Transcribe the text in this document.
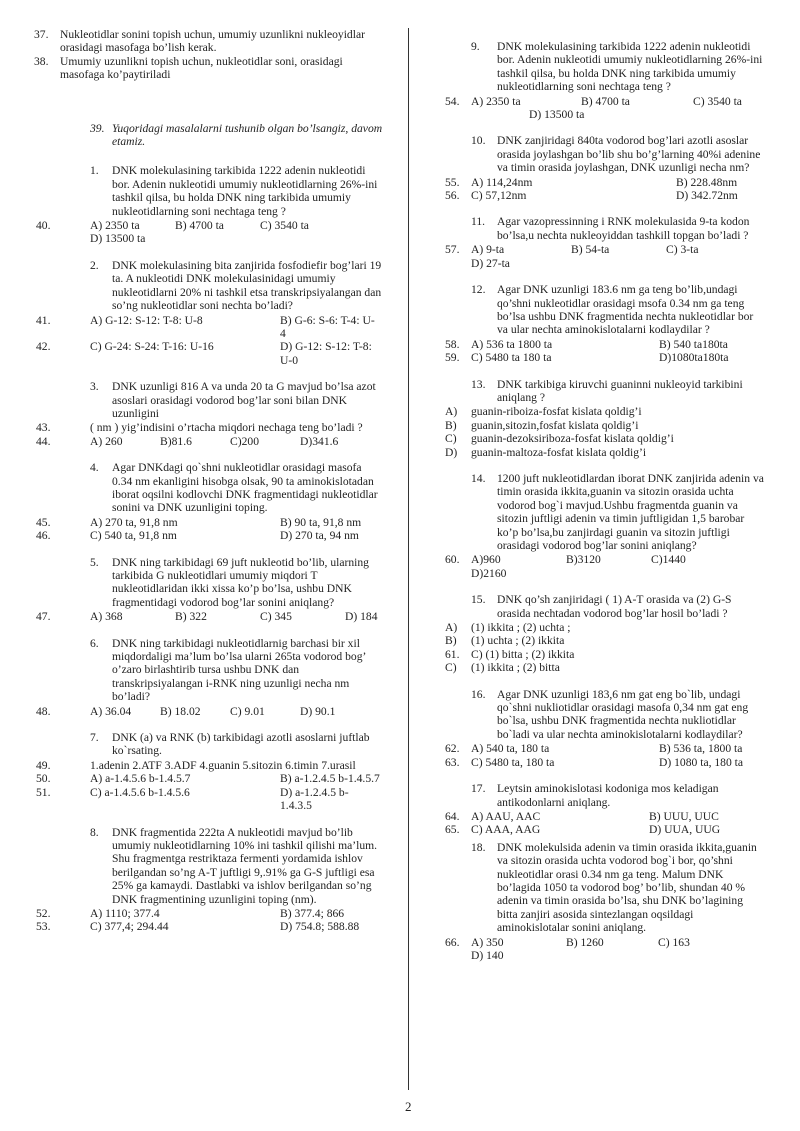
37. Nukleotidlar sonini topish uchun, umumiy uzunlikni nukleoyidlar orasidagi masofaga bo’lish kerak.
38. Umumiy uzunlikni topish uchun, nukleotidlar soni, orasidagi masofaga ko’paytiriladi
39. Yuqoridagi masalalarni tushunib olgan bo’lsangiz, davom etamiz.
1.	DNK molekulasining tarkibida 1222 adenin nukleotidi bor. Adenin nukleotidi umumiy nukleotidlarning 26%-ini tashkil qilsa, bu holda DNK ning tarkibida umumiy nukleotidlarning soni nechtaga teng ?
40.	A) 2350 ta	B) 4700 ta	C) 3540 ta
D) 13500 ta
2.	DNK molekulasining bita zanjirida fosfodiefir bog’lari 19 ta. A nukleotidi DNK molekulasinidagi umumiy nukleotidlarni 20% ni tashkil etsa transkripsiyalangan dan so’ng nukleotidlar soni nechta bo’ladi?
41.	A) G-12: S-12: T-8: U-8	B) G-6: S-6: T-4: U-4
42.	C) G-24: S-24: T-16: U-16	D) G-12: S-12: T-8: U-0
3.	DNK uzunligi 816 A va unda 20 ta G mavjud bo’lsa azot asoslari orasidagi vodorod bog’lar soni bilan DNK uzunligini
43.	( nm ) yig’indisini o’rtacha miqdori nechaga teng bo’ladi ?
44.	A) 260	B)81.6	C)200	D)341.6
4.	Agar DNKdagi qo`shni nukleotidlar orasidagi masofa 0.34 nm ekanligini hisobga olsak, 90 ta aminokislotadan iborat oqsilni kodlovchi DNK fragmentidagi nukleotidlar sonini va DNK uzunligini toping.
45.	A) 270 ta, 91,8 nm	B) 90 ta, 91,8 nm
46.	C) 540 ta, 91,8 nm	D) 270 ta, 94 nm
5.	DNK ning tarkibidagi 69 juft nukleotid bo’lib, ularning tarkibida G nukleotidlari umumiy miqdori T nukleotidlaridan ikki xissa ko’p bo’lsa, ushbu DNK fragmentidagi vodorod bog’lar sonini aniqlang?
47.	A) 368	B) 322	C) 345	D) 184
6.	DNK ning tarkibidagi nukleotidlarnig barchasi bir xil miqdordaligi ma’lum bo’lsa ularni 265ta vodorod bog’ o’zaro birlashtirib tursa ushbu DNK dan transkripsiyalangan i-RNK ning uzunligi necha nm bo’ladi?
48.	A) 36.04	B) 18.02	C) 9.01	D) 90.1
7.	DNK (a) va RNK (b) tarkibidagi azotli asoslarni juftlab ko`rsating.
49.	1.adenin 2.ATF 3.ADF 4.guanin 5.sitozin 6.timin 7.urasil
50.	A) a-1.4.5.6 b-1.4.5.7	B) a-1.2.4.5 b-1.4.5.7
51.	C) a-1.4.5.6 b-1.4.5.6	D) a-1.2.4.5 b-1.4.3.5
8.	DNK fragmentida 222ta A nukleotidi mavjud bo’lib umumiy nukleotidlarning 10% ini tashkil qilishi ma’lum. Shu fragmentga restriktaza fermenti yordamida ishlov berilgandan so’ng A-T juftligi 9,.91% ga G-S juftligi esa 25% ga kamaydi. Dastlabki va ishlov berilgandan so’ng DNK fragmentining uzunligini toping (nm).
52.	A) 1110; 377.4	B) 377.4; 866
53.	C) 377,4; 294.44	D) 754.8; 588.88
9.	DNK molekulasining tarkibida 1222 adenin nukleotidi bor. Adenin nukleotidi umumiy nukleotidlarning 26%-ini tashkil qilsa, bu holda DNK ning tarkibida umumiy nukleotidlarning soni nechtaga teng ?
54. A) 2350 ta	B) 4700 ta	C) 3540 ta
D) 13500 ta
10. DNK zanjiridagi 840ta vodorod bog’lari azotli asoslar orasida joylashgan bo’lib shu bo’g’larning 40%i adenine va timin orasida joylashgan, DNK uzunligi necha nm?
55. A) 114,24nm	B) 228.48nm
56. C) 57,12nm	D) 342.72nm
11.	Agar vazopressinning i RNK molekulasida 9-ta kodon bo’lsa,u nechta nukleoyiddan tashkill topgan bo’ladi ?
57. A) 9-ta	B) 54-ta	C) 3-ta
D) 27-ta
12. Agar DNK uzunligi 183.6 nm ga teng bo’lib,undagi qo’shni nukleotidlar orasidagi msofa 0.34 nm ga teng bo’lsa ushbu DNK fragmentida nechta nukleotidlar bor va ular nechta aminokislotalarni kodlaydilar ?
58. A) 536 ta 1800 ta	B) 540 ta180ta
59. C) 5480 ta 180 ta	D)1080ta180ta
13. DNK tarkibiga kiruvchi guaninni nukleoyid tarkibini aniqlang ?
A)	guanin-riboiza-fosfat kislata qoldig’i
B)	guanin,sitozin,fosfat kislata qoldig’i
C)	guanin-dezoksiriboza-fosfat kislata qoldig’i
D)	guanin-maltoza-fosfat kislata qoldig’i
14. 1200 juft nukleotidlardan iborat DNK zanjirida adenin va timin orasida ikkita,guanin va sitozin orasida uchta vodorod bog`i mavjud.Ushbu fragmentda guanin va sitozin juftligi adenin va timin juftligidan 1,5 barobar ko’p bo’lsa,bu zanjirdagi guanin va sitozin juftligi orasidagi vodorod bog’lar sonini aniqlang?
60. A)960	B)3120	C)1440
D)2160
15. DNK qo’sh zanjiridagi ( 1) A-T orasida va (2) G-S orasida nechtadan vodorod bog’lar hosil bo’ladi ?
A)	(1) ikkita ; (2) uchta ;
B)	(1) uchta ; (2) ikkita
61. C) (1) bitta ; (2) ikkita
C)	(1) ikkita ; (2) bitta
16. Agar DNK uzunligi 183,6 nm gat eng bo`lib, undagi qo`shni nukliotidlar orasidagi masofa 0,34 nm gat eng bo`lsa, ushbu DNK fragmentida nechta nukliotidlar bo`ladi va ular nechta aminokislotalarni kodlaydilar?
62. A) 540 ta, 180 ta	B) 536 ta, 1800 ta
63. C) 5480 ta, 180 ta	D) 1080 ta, 180 ta
17. Leytsin aminokislotasi kodoniga mos keladigan antikodonlarni aniqlang.
64. A) AAU, AAC	B) UUU, UUC
65. C) AAA, AAG	D) UUA, UUG
18. DNK molekulsida adenin va timin orasida ikkita,guanin va sitozin orasida uchta vodorod bog`i bor, qo’shni nukleotidlar orasi 0.34 nm ga teng. Malum DNK bo’lagida 1050 ta vodorod bog’ bo’lib, shundan 40 % adenin va timin orasida bo’lsa, shu DNK bo’lagining bitta zanjiri asosida sintezlangan oqsildagi aminokislotalar sonini aniqlang.
66. A) 350	B) 1260	C) 163
D) 140
2
